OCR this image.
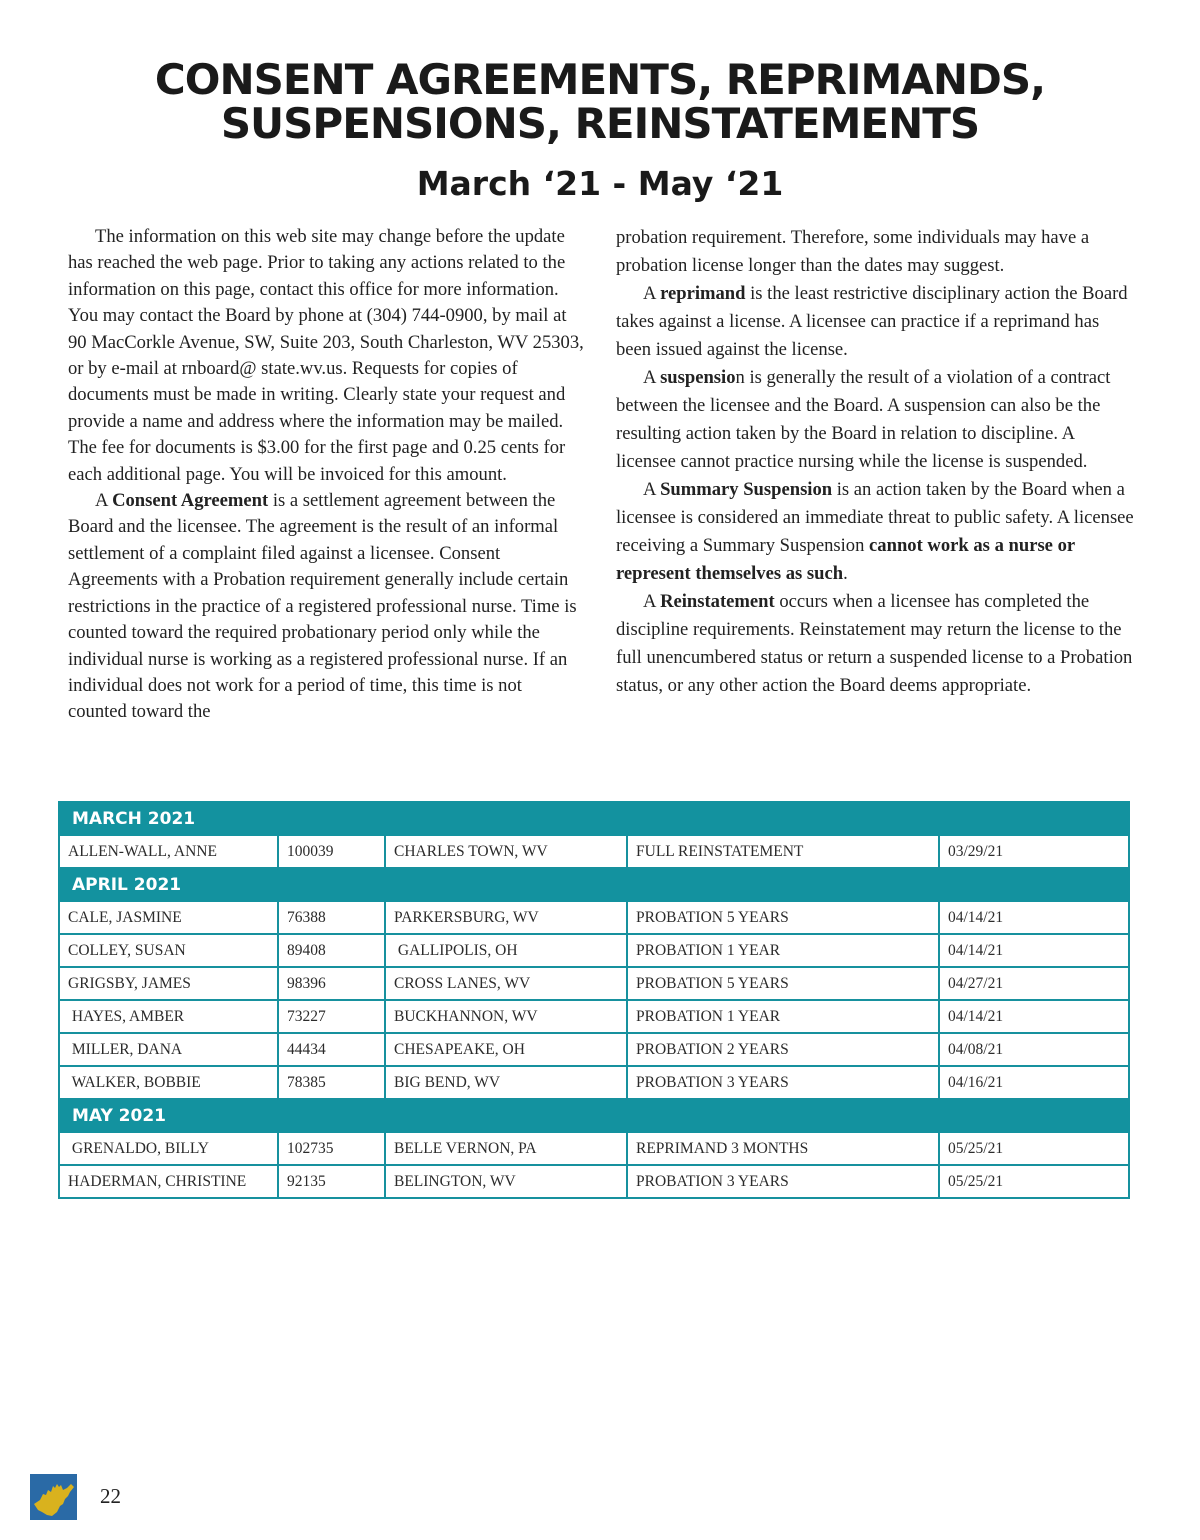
CONSENT AGREEMENTS, REPRIMANDS,
SUSPENSIONS, REINSTATEMENTS
March ‘21 - May ‘21

The information on this web site may change before the update has reached the web page. Prior to taking any actions related to the information on this page, contact this office for more information. You may contact the Board by phone at (304) 744-0900, by mail at 90 MacCorkle Avenue, SW, Suite 203, South Charleston, WV 25303, or by e-mail at rnboard@ state.wv.us. Requests for copies of documents must be made in writing. Clearly state your request and provide a name and address where the information may be mailed. The fee for documents is $3.00 for the first page and 0.25 cents for each additional page. You will be invoiced for this amount.

A Consent Agreement is a settlement agreement between the Board and the licensee. The agreement is the result of an informal settlement of a complaint filed against a licensee. Consent Agreements with a Probation requirement generally include certain restrictions in the practice of a registered professional nurse. Time is counted toward the required probationary period only while the individual nurse is working as a registered professional nurse. If an individual does not work for a period of time, this time is not counted toward the

probation requirement. Therefore, some individuals may have a probation license longer than the dates may suggest.

A reprimand is the least restrictive disciplinary action the Board takes against a license. A licensee can practice if a reprimand has been issued against the license.

A suspension is generally the result of a violation of a contract between the licensee and the Board. A suspension can also be the resulting action taken by the Board in relation to discipline. A licensee cannot practice nursing while the license is suspended.

A Summary Suspension is an action taken by the Board when a licensee is considered an immediate threat to public safety. A licensee receiving a Summary Suspension cannot work as a nurse or represent themselves as such.

A Reinstatement occurs when a licensee has completed the discipline requirements. Reinstatement may return the license to the full unencumbered status or return a suspended license to a Probation status, or any other action the Board deems appropriate.

MARCH 2021				
ALLEN-WALL, ANNE	100039	CHARLES TOWN, WV	FULL REINSTATEMENT	03/29/21
APRIL 2021				
CALE, JASMINE	76388	PARKERSBURG, WV	PROBATION 5 YEARS	04/14/21
COLLEY, SUSAN	89408	GALLIPOLIS, OH	PROBATION 1 YEAR	04/14/21
GRIGSBY, JAMES	98396	CROSS LANES, WV	PROBATION 5 YEARS	04/27/21
HAYES, AMBER	73227	BUCKHANNON, WV	PROBATION 1 YEAR	04/14/21
MILLER, DANA	44434	CHESAPEAKE, OH	PROBATION 2 YEARS	04/08/21
WALKER, BOBBIE	78385	BIG BEND, WV	PROBATION 3 YEARS	04/16/21
MAY 2021				
GRENALDO, BILLY	102735	BELLE VERNON, PA	REPRIMAND 3 MONTHS	05/25/21
HADERMAN, CHRISTINE	92135	BELINGTON, WV	PROBATION 3 YEARS	05/25/21
22
